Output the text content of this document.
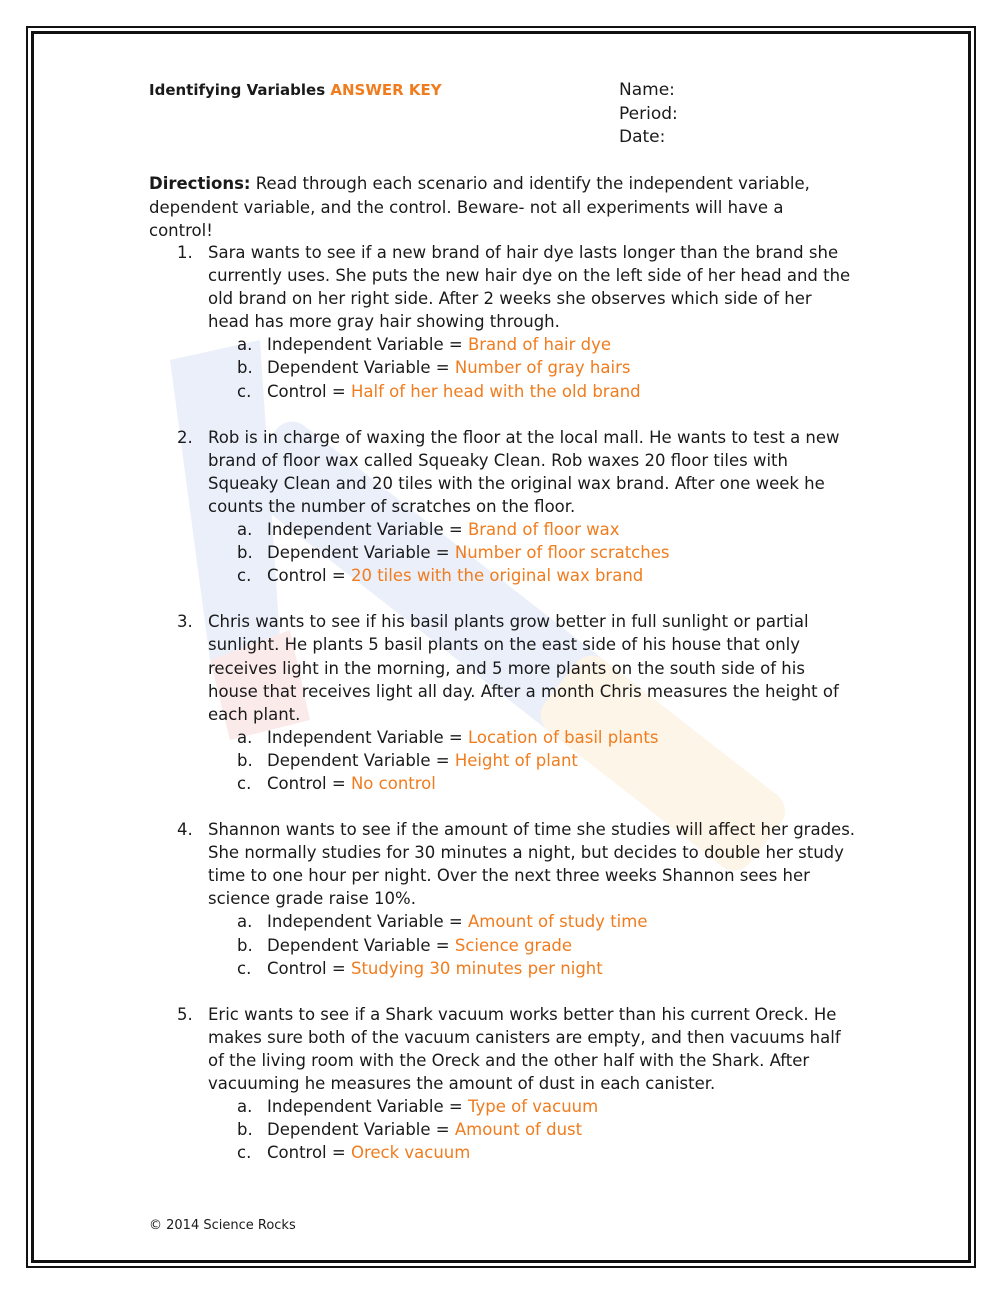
Identifying Variables ANSWER KEY	Name:
Period:
Date:
Directions: Read through each scenario and identify the independent variable, dependent variable, and the control. Beware- not all experiments will have a control!
1. Sara wants to see if a new brand of hair dye lasts longer than the brand she currently uses. She puts the new hair dye on the left side of her head and the old brand on her right side. After 2 weeks she observes which side of her head has more gray hair showing through.
a. Independent Variable = Brand of hair dye
b. Dependent Variable = Number of gray hairs
c. Control = Half of her head with the old brand
2. Rob is in charge of waxing the floor at the local mall. He wants to test a new brand of floor wax called Squeaky Clean. Rob waxes 20 floor tiles with Squeaky Clean and 20 tiles with the original wax brand. After one week he counts the number of scratches on the floor.
a. Independent Variable = Brand of floor wax
b. Dependent Variable = Number of floor scratches
c. Control = 20 tiles with the original wax brand
3. Chris wants to see if his basil plants grow better in full sunlight or partial sunlight. He plants 5 basil plants on the east side of his house that only receives light in the morning, and 5 more plants on the south side of his house that receives light all day. After a month Chris measures the height of each plant.
a. Independent Variable = Location of basil plants
b. Dependent Variable = Height of plant
c. Control = No control
4. Shannon wants to see if the amount of time she studies will affect her grades. She normally studies for 30 minutes a night, but decides to double her study time to one hour per night. Over the next three weeks Shannon sees her science grade raise 10%.
a. Independent Variable = Amount of study time
b. Dependent Variable = Science grade
c. Control = Studying 30 minutes per night
5. Eric wants to see if a Shark vacuum works better than his current Oreck. He makes sure both of the vacuum canisters are empty, and then vacuums half of the living room with the Oreck and the other half with the Shark. After vacuuming he measures the amount of dust in each canister.
a. Independent Variable = Type of vacuum
b. Dependent Variable = Amount of dust
c. Control = Oreck vacuum
© 2014 Science Rocks
